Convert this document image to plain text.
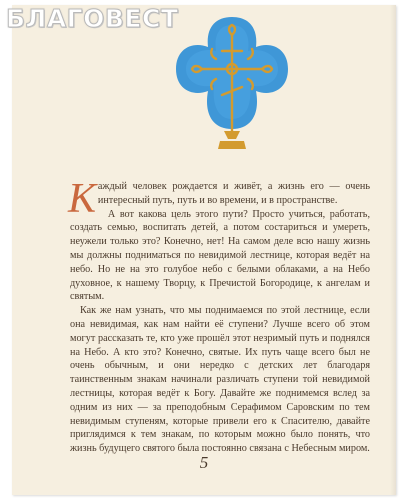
Каждый человек рождается и живёт, а жизнь его — очень интересный путь, путь и во времени, и в пространстве.

А вот какова цель этого пути? Просто учиться, работать, создать семью, воспитать детей, а потом состариться и умереть, неужели только это? Конечно, нет! На самом деле всю нашу жизнь мы должны подниматься по невидимой лестнице, которая ведёт на небо. Но не на это голубое небо с белыми облаками, а на Небо духовное, к нашему Творцу, к Пречистой Богородице, к ангелам и святым.

Как же нам узнать, что мы поднимаемся по этой лестнице, если она невидимая, как нам найти её ступени? Лучше всего об этом могут рассказать те, кто уже прошёл этот незримый путь и поднялся на Небо. А кто это? Конечно, святые. Их путь чаще всего был не очень обычным, и они нередко с детских лет благодаря таинственным знакам начинали различать ступени той невидимой лестницы, которая ведёт к Богу. Давайте же поднимемся вслед за одним из них — за преподобным Серафимом Саровским по тем невидимым ступеням, которые привели его к Спасителю, давайте приглядимся к тем знакам, по которым можно было понять, что жизнь будущего святого была постоянно связана с Небесным миром.

5
БЛАГОВЕСТ
